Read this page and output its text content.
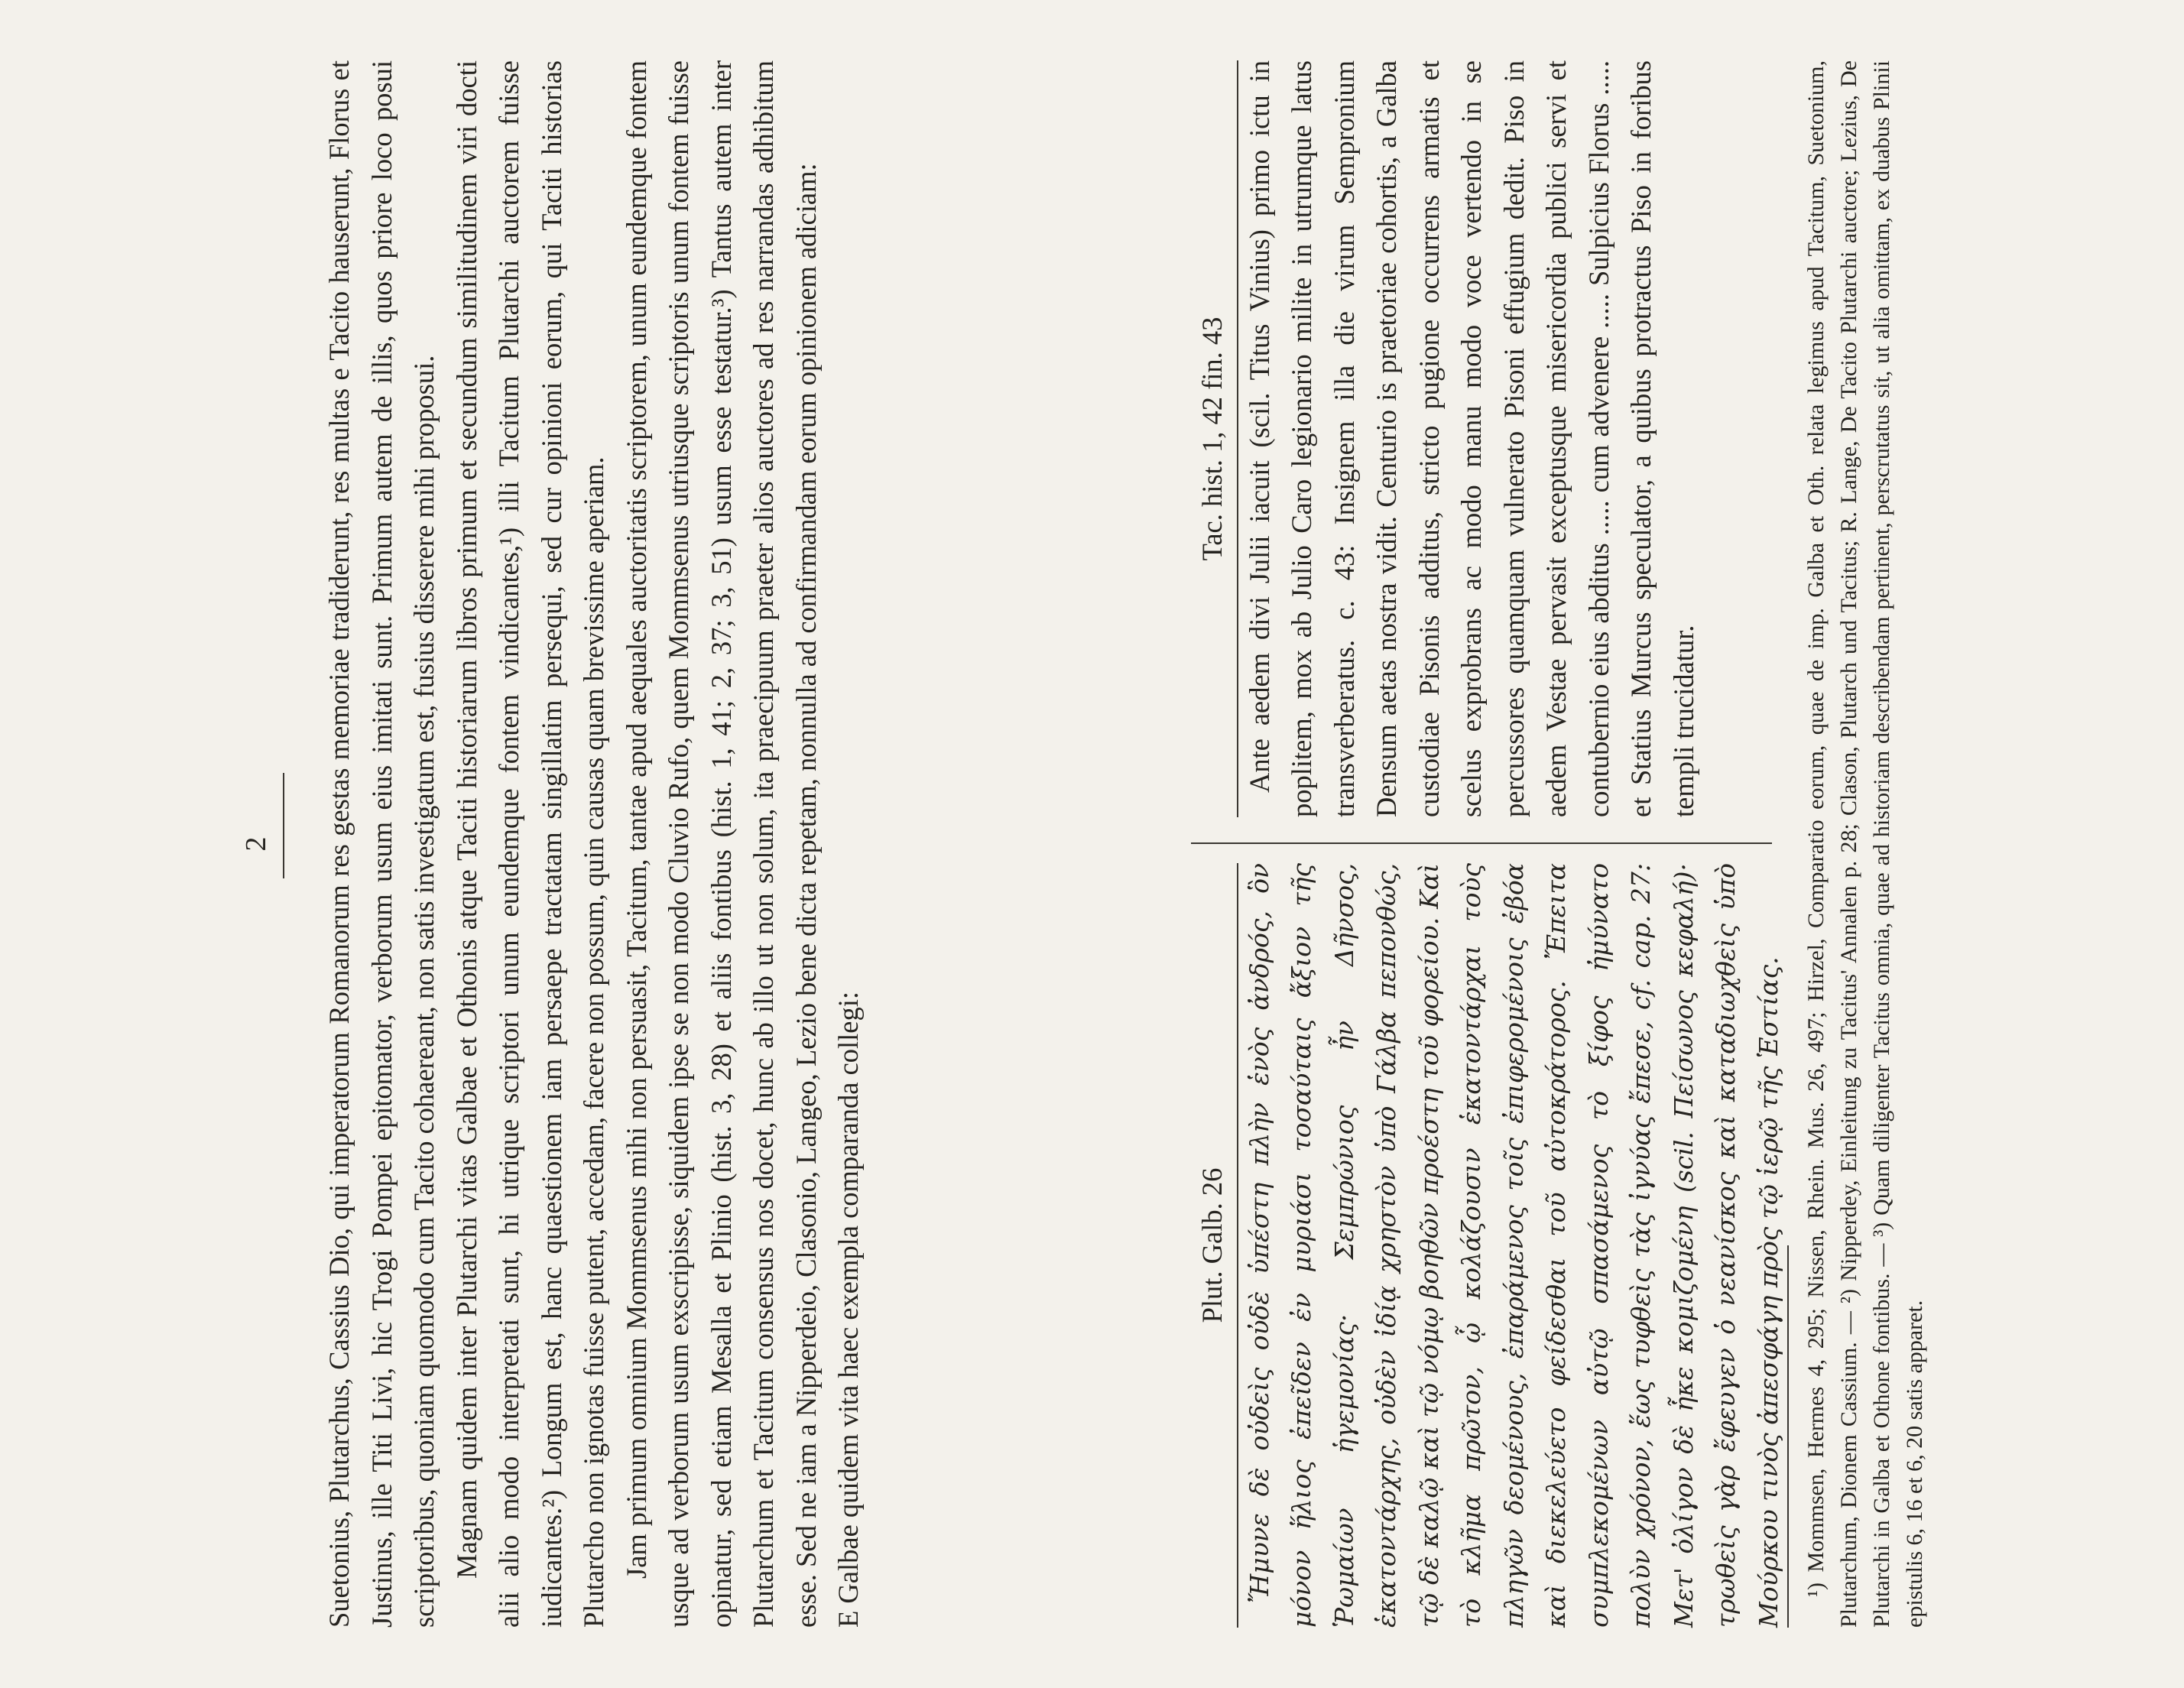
2 Suetonius, Plutarchus, Cassius Dio, qui imperatorum Romanorum res gestas memoriae tradiderunt, res multas e Tacito hauserunt, Florus et Justinus, ille Titi Livi, hic Trogi Pompei epitomator, verborum usum eius imitati sunt. Primum autem de illis, quos priore loco posui scriptoribus, quoniam quomodo cum Tacito cohaereant, non satis investigatum est, fusius disserere mihi proposui. Magnam quidem inter Plutarchi vitas Galbae et Othonis atque Taciti historiarum libros primum et secundum similitudinem viri docti alii alio modo interpretati sunt, hi utrique scriptori unum eundemque fontem vindicantes,¹) illi Tacitum Plutarchi auctorem fuisse iudicantes.²) Longum est, hanc quaestionem iam persaepe tractatam singillatim persequi, sed cur opinioni eorum, qui Taciti historias Plutarcho non ignotas fuisse putent, accedam, facere non possum, quin causas quam brevissime aperiam. Jam primum omnium Mommsenus mihi non persuasit, Tacitum, tantae apud aequales auctoritatis scriptorem, unum eundemque fontem usque ad verborum usum exscripisse, siquidem ipse se non modo Cluvio Rufo, quem Mommsenus utriusque scriptoris unum fontem fuisse opinatur, sed etiam Mesalla et Plinio (hist. 3, 28) et aliis fontibus (hist. 1, 41; 2, 37; 3, 51) usum esse testatur.³) Tantus autem inter Plutarchum et Tacitum consensus nos docet, hunc ab illo ut non solum, ita praecipuum praeter alios auctores ad res narrandas adhibitum esse. Sed ne iam a Nipperdeio, Clasonio, Langeo, Lezio bene dicta repetam, nonnulla ad confirmandam eorum opinionem adiciam: E Galbae quidem vita haec exempla comparanda collegi:	Plut. Galb. 26 Ἤμυνε δὲ οὐδεὶς οὐδὲ ὑπέστη πλὴν ἑνὸς ἀνδρός, ὃν μόνον ἥλιος ἐπεῖδεν ἐν μυριάσι τοσαύταις ἄξιον τῆς Ῥωμαίων ἡγεμονίας· Σεμπρώνιος ἦν Δῆνσος, ἑκατοντάρχης, οὐδὲν ἰδίᾳ χρηστὸν ὑπὸ Γάλβα πεπονθώς, τῷ δὲ καλῷ καὶ τῷ νόμῳ βοηθῶν προέστη τοῦ φορείου. Καὶ τὸ κλῆμα πρῶτον, ᾧ κολάζουσιν ἑκατοντάρχαι τοὺς πληγῶν δεομένους, ἐπαράμενος τοῖς ἐπιφερομένοις ἐβόα καὶ διεκελεύετο φείδεσθαι τοῦ αὐτοκράτορος. Ἔπειτα συμπλεκομένων αὐτῷ σπασάμενος τὸ ξίφος ἠμύνατο πολὺν χρόνον, ἕως τυφθεὶς τὰς ἰγνύας ἔπεσε, cf. cap. 27: Μετ' ὀλίγον δὲ ἧκε κομιζομένη (scil. Πείσωνος κεφαλή)· τρωθεὶς γὰρ ἔφευγεν ὁ νεανίσκος καὶ καταδιωχθεὶς ὑπὸ Μούρκου τινὸς ἀπεσφάγη πρὸς τῷ ἱερῷ τῆς Ἑστίας.

Tac. hist. 1, 42 fin. 43 Ante aedem divi Julii iacuit (scil. Titus Vinius) primo ictu in poplitem, mox ab Julio Caro legionario milite in utrumque latus transverberatus. c. 43: Insignem illa die virum Sempronium Densum aetas nostra vidit. Centurio is praetoriae cohortis, a Galba custodiae Pisonis additus, stricto pugione occurrens armatis et scelus exprobrans ac modo manu modo voce vertendo in se percussores quamquam vulnerato Pisoni effugium dedit. Piso in aedem Vestae pervasit exceptusque misericordia publici servi et contubernio eius abditus ..... cum advenere ..... Sulpicius Florus ..... et Statius Murcus speculator, a quibus protractus Piso in foribus templi trucidatur.	¹) Mommsen, Hermes 4, 295; Nissen, Rhein. Mus. 26, 497; Hirzel, Comparatio eorum, quae de imp. Galba et Oth. relata legimus apud Tacitum, Suetonium, Plutarchum, Dionem Cassium. — ²) Nipperdey, Einleitung zu Tacitus' Annalen p. 28; Clason, Plutarch und Tacitus; R. Lange, De Tacito Plutarchi auctore; Lezius, De Plutarchi in Galba et Othone fontibus. — ³) Quam diligenter Tacitus omnia, quae ad historiam describendam pertinent, perscrutatus sit, ut alia omittam, ex duabus Plinii epistulis 6, 16 et 6, 20 satis apparet.
